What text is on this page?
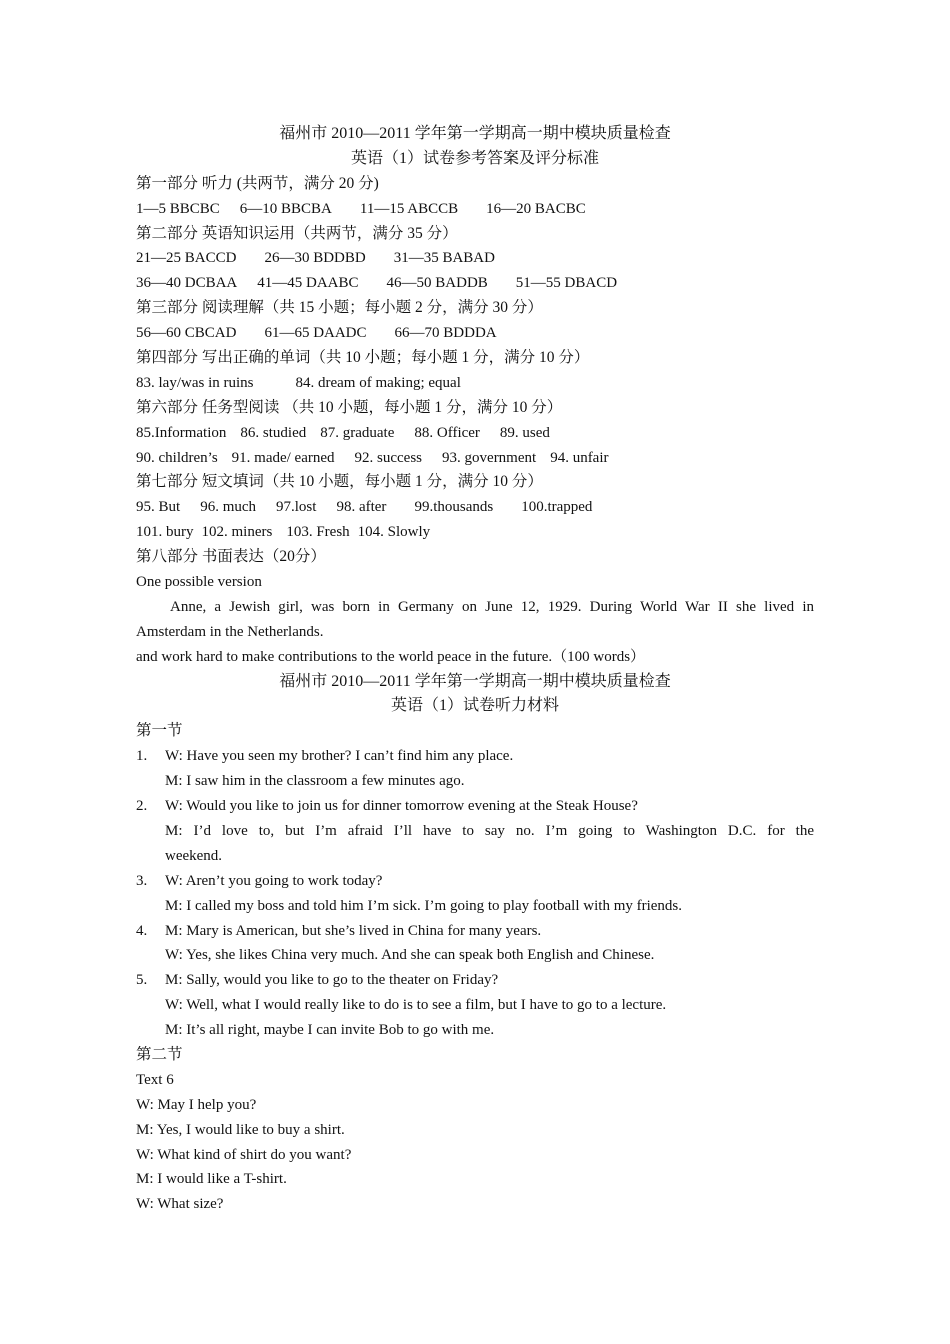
福州市 2010—2011 学年第一学期高一期中模块质量检查
英语（1）试卷参考答案及评分标准
第一部分 听力 (共两节，满分 20 分)
1—5 BBCBC 6—10 BBCBA 11—15 ABCCB 16—20 BACBC
第二部分 英语知识运用（共两节，满分 35 分）
21—25 BACCD 26—30 BDDBD 31—35 BABAD
36—40 DCBAA 41—45 DAABC 46—50 BADDB 51—55 DBACD
第三部分 阅读理解（共 15 小题；每小题 2 分，满分 30 分）
56—60 CBCAD 61—65 DAADC 66—70 BDDDA
第四部分 写出正确的单词（共 10 小题；每小题 1 分，满分 10 分）
83. lay/was in ruins	84. dream of making; equal
第六部分 任务型阅读 （共 10 小题，每小题 1 分，满分 10 分）
85.Information 86. studied 87. graduate 88. Officer 89. used
90. children’s 91. made/ earned 92. success 93. government 94. unfair
第七部分 短文填词（共 10 小题，每小题 1 分，满分 10 分）
95. But 96. much 97.lost 98. after 99.thousands 100.trapped
101. bury 102. miners 103. Fresh 104. Slowly
第八部分 书面表达（20分）
One possible version
Anne, a Jewish girl, was born in Germany on June 12, 1929. During World War II she lived in
Amsterdam in the Netherlands.
and work hard to make contributions to the world peace in the future.（100 words）
福州市 2010—2011 学年第一学期高一期中模块质量检查
英语（1）试卷听力材料
第一节
1.	W: Have you seen my brother? I can’t find him any place.
M: I saw him in the classroom a few minutes ago.
2.	W: Would you like to join us for dinner tomorrow evening at the Steak House?
M: I’d love to, but I’m afraid I’ll have to say no. I’m going to Washington D.C. for the
weekend.
3.	W: Aren’t you going to work today?
M: I called my boss and told him I’m sick. I’m going to play football with my friends.
4.	M: Mary is American, but she’s lived in China for many years.
W: Yes, she likes China very much. And she can speak both English and Chinese.
5.	M: Sally, would you like to go to the theater on Friday?
W: Well, what I would really like to do is to see a film, but I have to go to a lecture.
M: It’s all right, maybe I can invite Bob to go with me.
第二节
Text 6
W: May I help you?
M: Yes, I would like to buy a shirt.
W: What kind of shirt do you want?
M: I would like a T-shirt.
W: What size?
